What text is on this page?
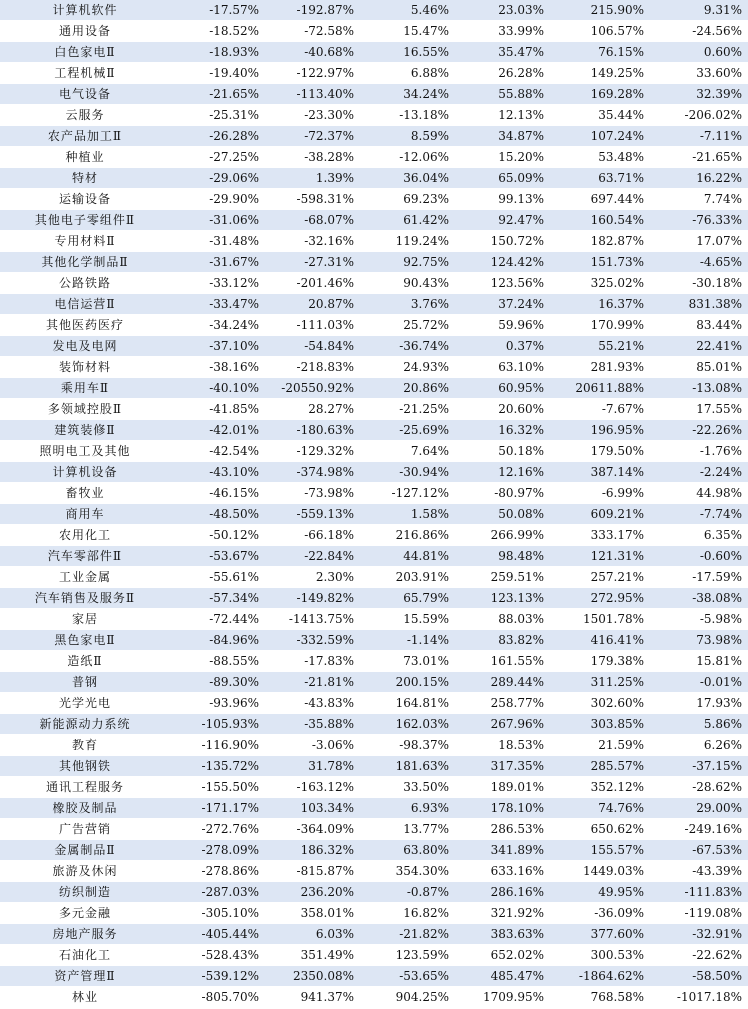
计算机软件	-17.57%	-192.87%	5.46%	23.03%	215.90%	9.31%
通用设备	-18.52%	-72.58%	15.47%	33.99%	106.57%	-24.56%
白色家电Ⅱ	-18.93%	-40.68%	16.55%	35.47%	76.15%	0.60%
工程机械Ⅱ	-19.40%	-122.97%	6.88%	26.28%	149.25%	33.60%
电气设备	-21.65%	-113.40%	34.24%	55.88%	169.28%	32.39%
云服务	-25.31%	-23.30%	-13.18%	12.13%	35.44%	-206.02%
农产品加工Ⅱ	-26.28%	-72.37%	8.59%	34.87%	107.24%	-7.11%
种植业	-27.25%	-38.28%	-12.06%	15.20%	53.48%	-21.65%
特材	-29.06%	1.39%	36.04%	65.09%	63.71%	16.22%
运输设备	-29.90%	-598.31%	69.23%	99.13%	697.44%	7.74%
其他电子零组件Ⅱ	-31.06%	-68.07%	61.42%	92.47%	160.54%	-76.33%
专用材料Ⅱ	-31.48%	-32.16%	119.24%	150.72%	182.87%	17.07%
其他化学制品Ⅱ	-31.67%	-27.31%	92.75%	124.42%	151.73%	-4.65%
公路铁路	-33.12%	-201.46%	90.43%	123.56%	325.02%	-30.18%
电信运营Ⅱ	-33.47%	20.87%	3.76%	37.24%	16.37%	831.38%
其他医药医疗	-34.24%	-111.03%	25.72%	59.96%	170.99%	83.44%
发电及电网	-37.10%	-54.84%	-36.74%	0.37%	55.21%	22.41%
装饰材料	-38.16%	-218.83%	24.93%	63.10%	281.93%	85.01%
乘用车Ⅱ	-40.10%	-20550.92%	20.86%	60.95%	20611.88%	-13.08%
多领域控股Ⅱ	-41.85%	28.27%	-21.25%	20.60%	-7.67%	17.55%
建筑装修Ⅱ	-42.01%	-180.63%	-25.69%	16.32%	196.95%	-22.26%
照明电工及其他	-42.54%	-129.32%	7.64%	50.18%	179.50%	-1.76%
计算机设备	-43.10%	-374.98%	-30.94%	12.16%	387.14%	-2.24%
畜牧业	-46.15%	-73.98%	-127.12%	-80.97%	-6.99%	44.98%
商用车	-48.50%	-559.13%	1.58%	50.08%	609.21%	-7.74%
农用化工	-50.12%	-66.18%	216.86%	266.99%	333.17%	6.35%
汽车零部件Ⅱ	-53.67%	-22.84%	44.81%	98.48%	121.31%	-0.60%
工业金属	-55.61%	2.30%	203.91%	259.51%	257.21%	-17.59%
汽车销售及服务Ⅱ	-57.34%	-149.82%	65.79%	123.13%	272.95%	-38.08%
家居	-72.44%	-1413.75%	15.59%	88.03%	1501.78%	-5.98%
黑色家电Ⅱ	-84.96%	-332.59%	-1.14%	83.82%	416.41%	73.98%
造纸Ⅱ	-88.55%	-17.83%	73.01%	161.55%	179.38%	15.81%
普钢	-89.30%	-21.81%	200.15%	289.44%	311.25%	-0.01%
光学光电	-93.96%	-43.83%	164.81%	258.77%	302.60%	17.93%
新能源动力系统	-105.93%	-35.88%	162.03%	267.96%	303.85%	5.86%
教育	-116.90%	-3.06%	-98.37%	18.53%	21.59%	6.26%
其他钢铁	-135.72%	31.78%	181.63%	317.35%	285.57%	-37.15%
通讯工程服务	-155.50%	-163.12%	33.50%	189.01%	352.12%	-28.62%
橡胶及制品	-171.17%	103.34%	6.93%	178.10%	74.76%	29.00%
广告营销	-272.76%	-364.09%	13.77%	286.53%	650.62%	-249.16%
金属制品Ⅱ	-278.09%	186.32%	63.80%	341.89%	155.57%	-67.53%
旅游及休闲	-278.86%	-815.87%	354.30%	633.16%	1449.03%	-43.39%
纺织制造	-287.03%	236.20%	-0.87%	286.16%	49.95%	-111.83%
多元金融	-305.10%	358.01%	16.82%	321.92%	-36.09%	-119.08%
房地产服务	-405.44%	6.03%	-21.82%	383.63%	377.60%	-32.91%
石油化工	-528.43%	351.49%	123.59%	652.02%	300.53%	-22.62%
资产管理Ⅱ	-539.12%	2350.08%	-53.65%	485.47%	-1864.62%	-58.50%
林业	-805.70%	941.37%	904.25%	1709.95%	768.58%	-1017.18%
